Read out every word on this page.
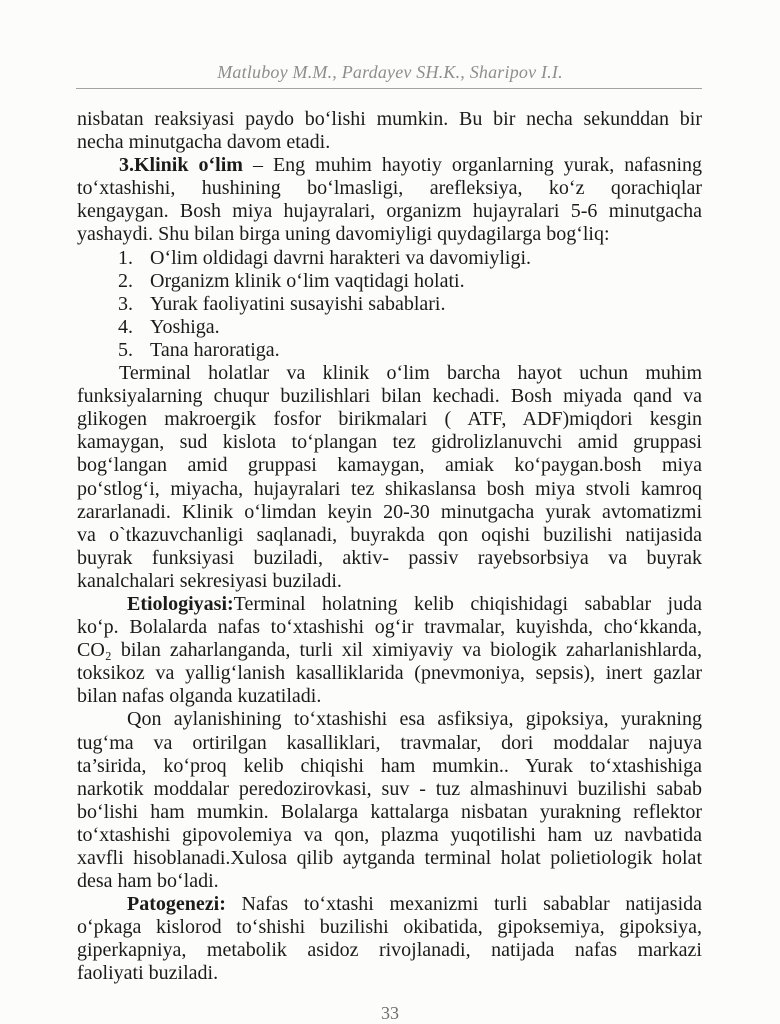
Matluboy M.M., Pardayev SH.K., Sharipov I.I.
nisbatan reaksiyasi paydo bo‘lishi mumkin. Bu bir necha sekunddan bir
necha minutgacha davom etadi.
3.Klinik o‘lim – Eng muhim hayotiy organlarning yurak, nafasning
to‘xtashishi, hushining bo‘lmasligi, arefleksiya, ko‘z qorachiqlar
kengaygan. Bosh miya hujayralari, organizm hujayralari 5-6 minutgacha
yashaydi. Shu bilan birga uning davomiyligi quydagilarga bog‘liq:
1. O‘lim oldidagi davrni harakteri va davomiyligi.
2. Organizm klinik o‘lim vaqtidagi holati.
3. Yurak faoliyatini susayishi sabablari.
4. Yoshiga.
5. Tana haroratiga.
Terminal holatlar va klinik o‘lim barcha hayot uchun muhim
funksiyalarning chuqur buzilishlari bilan kechadi. Bosh miyada qand va
glikogen makroergik fosfor birikmalari ( ATF, ADF)miqdori kesgin
kamaygan, sud kislota to‘plangan tez gidrolizlanuvchi amid gruppasi
bog‘langan amid gruppasi kamaygan, amiak ko‘paygan.bosh miya
po‘stlog‘i, miyacha, hujayralari tez shikaslansa bosh miya stvoli kamroq
zararlanadi. Klinik o‘limdan keyin 20-30 minutgacha yurak avtomatizmi
va o`tkazuvchanligi saqlanadi, buyrakda qon oqishi buzilishi natijasida
buyrak funksiyasi buziladi, aktiv- passiv rayebsorbsiya va buyrak
kanalchalari sekresiyasi buziladi.
Etiologiyasi:Terminal holatning kelib chiqishidagi sabablar juda
ko‘p. Bolalarda nafas to‘xtashishi og‘ir travmalar, kuyishda, cho‘kkanda,
CO₂ bilan zaharlanganda, turli xil ximiyaviy va biologik zaharlanishlarda,
toksikoz va yallig‘lanish kasalliklarida (pnevmoniya, sepsis), inert gazlar
bilan nafas olganda kuzatiladi.
Qon aylanishining to‘xtashishi esa asfiksiya, gipoksiya, yurakning
tug‘ma va ortirilgan kasalliklari, travmalar, dori moddalar najuya
ta’sirida, ko‘proq kelib chiqishi ham mumkin.. Yurak to‘xtashishiga
narkotik moddalar peredozirovkasi, suv - tuz almashinuvi buzilishi sabab
bo‘lishi ham mumkin. Bolalarga kattalarga nisbatan yurakning reflektor
to‘xtashishi gipovolemiya va qon, plazma yuqotilishi ham uz navbatida
xavfli hisoblanadi.Xulosa qilib aytganda terminal holat polietiologik holat
desa ham bo‘ladi.
Patogenezi: Nafas to‘xtashi mexanizmi turli sabablar natijasida
o‘pkaga kislorod to‘shishi buzilishi okibatida, gipoksemiya, gipoksiya,
giperkapniya, metabolik asidoz rivojlanadi, natijada nafas markazi
faoliyati buziladi.
33
